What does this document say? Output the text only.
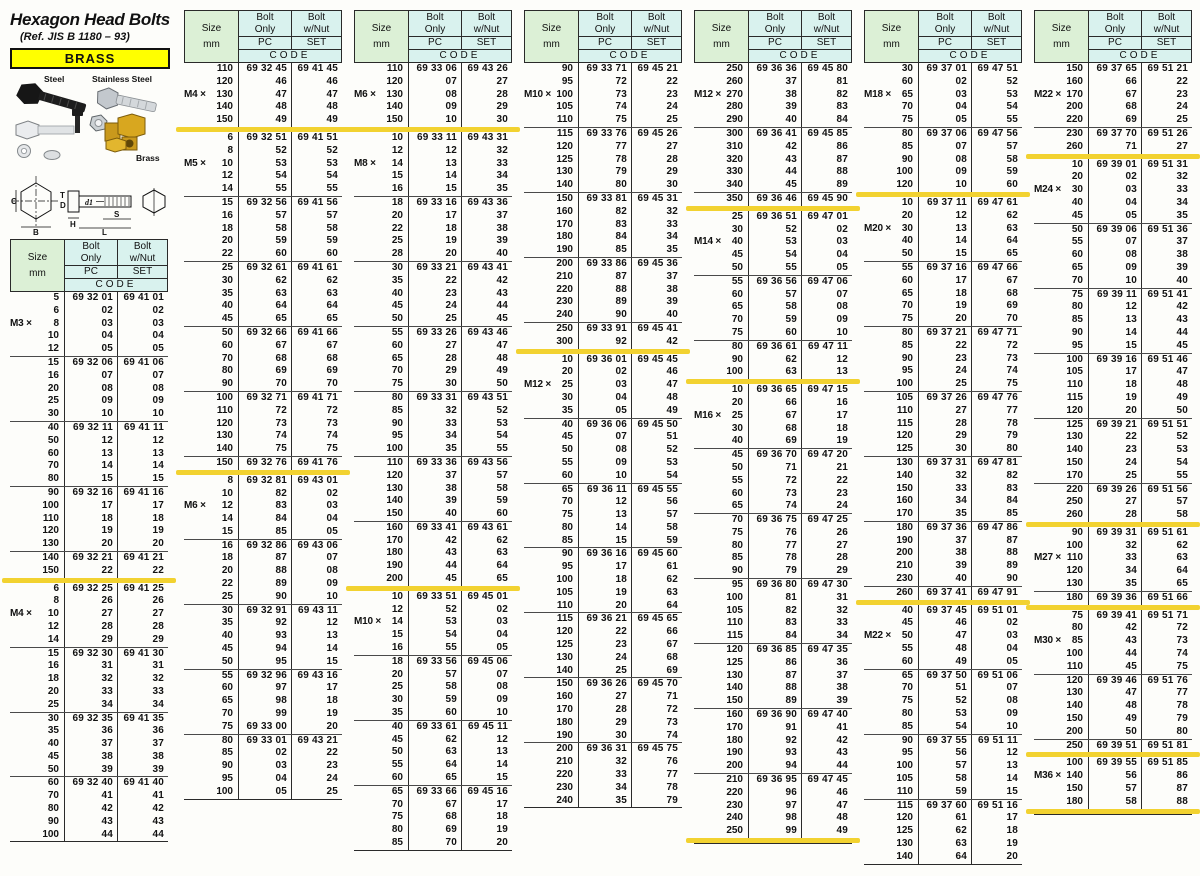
Hexagon Head Bolts
(Ref. JIS B 1180 – 93)
BRASS
Steel	Stainless Steel
Brass
C
B
T
D d1
H
S
L
Size
mm
Bolt
Only
Bolt
w/Nut
PC	SET
CODE
5	69 32 01	69 41 01
6	02	02
M3 × 8	03	03
10	04	04
12	05	05
15	69 32 06	69 41 06
16	07	07
20	08	08
25	09	09
30	10	10
40	69 32 11	69 41 11
50	12	12
60	13	13
70	14	14
80	15	15
90	69 32 16	69 41 16
100	17	17
110	18	18
120	19	19
130	20	20
140	69 32 21	69 41 21
150	22	22
6	69 32 25	69 41 25
8	26	26
M4 × 10	27	27
12	28	28
14	29	29
15	69 32 30	69 41 30
16	31	31
18	32	32
20	33	33
25	34	34
30	69 32 35	69 41 35
35	36	36
40	37	37
45	38	38
50	39	39
60	69 32 40	69 41 40
70	41	41
80	42	42
90	43	43
100	44	44
Size
mm
Bolt
Only
Bolt
w/Nut
PC	SET
CODE
110	69 32 45	69 41 45
120	46	46
M4 × 130	47	47
140	48	48
150	49	49
6	69 32 51	69 41 51
8	52	52
M5 × 10	53	53
12	54	54
14	55	55
15	69 32 56	69 41 56
16	57	57
18	58	58
20	59	59
22	60	60
25	69 32 61	69 41 61
30	62	62
35	63	63
40	64	64
45	65	65
50	69 32 66	69 41 66
60	67	67
70	68	68
80	69	69
90	70	70
100	69 32 71	69 41 71
110	72	72
120	73	73
130	74	74
140	75	75
150	69 32 76	69 41 76
8	69 32 81	69 43 01
10	82	02
M6 × 12	83	03
14	84	04
15	85	05
16	69 32 86	69 43 06
18	87	07
20	88	08
22	89	09
25	90	10
30	69 32 91	69 43 11
35	92	12
40	93	13
45	94	14
50	95	15
55	69 32 96	69 43 16
60	97	17
65	98	18
70	99	19
75	69 33 00	20
80	69 33 01	69 43 21
85	02	22
90	03	23
95	04	24
100	05	25
Size
mm
Bolt
Only
Bolt
w/Nut
PC	SET
CODE
110	69 33 06	69 43 26
120	07	27
M6 × 130	08	28
140	09	29
150	10	30
10	69 33 11	69 43 31
12	12	32
M8 × 14	13	33
15	14	34
16	15	35
18	69 33 16	69 43 36
20	17	37
22	18	38
25	19	39
28	20	40
30	69 33 21	69 43 41
35	22	42
40	23	43
45	24	44
50	25	45
55	69 33 26	69 43 46
60	27	47
65	28	48
70	29	49
75	30	50
80	69 33 31	69 43 51
85	32	52
90	33	53
95	34	54
100	35	55
110	69 33 36	69 43 56
120	37	57
130	38	58
140	39	59
150	40	60
160	69 33 41	69 43 61
170	42	62
180	43	63
190	44	64
200	45	65
10	69 33 51	69 45 01
12	52	02
M10 × 14	53	03
15	54	04
16	55	05
18	69 33 56	69 45 06
20	57	07
25	58	08
30	59	09
35	60	10
40	69 33 61	69 45 11
45	62	12
50	63	13
55	64	14
60	65	15
65	69 33 66	69 45 16
70	67	17
75	68	18
80	69	19
85	70	20
Size
mm
Bolt
Only
Bolt
w/Nut
PC	SET
CODE
90	69 33 71	69 45 21
95	72	22
M10 × 100	73	23
105	74	24
110	75	25
115	69 33 76	69 45 26
120	77	27
125	78	28
130	79	29
140	80	30
150	69 33 81	69 45 31
160	82	32
170	83	33
180	84	34
190	85	35
200	69 33 86	69 45 36
210	87	37
220	88	38
230	89	39
240	90	40
250	69 33 91	69 45 41
300	92	42
10	69 36 01	69 45 45
20	02	46
M12 × 25	03	47
30	04	48
35	05	49
40	69 36 06	69 45 50
45	07	51
50	08	52
55	09	53
60	10	54
65	69 36 11	69 45 55
70	12	56
75	13	57
80	14	58
85	15	59
90	69 36 16	69 45 60
95	17	61
100	18	62
105	19	63
110	20	64
115	69 36 21	69 45 65
120	22	66
125	23	67
130	24	68
140	25	69
150	69 36 26	69 45 70
160	27	71
170	28	72
180	29	73
190	30	74
200	69 36 31	69 45 75
210	32	76
220	33	77
230	34	78
240	35	79
Size
mm
Bolt
Only
Bolt
w/Nut
PC	SET
CODE
250	69 36 36	69 45 80
260	37	81
M12 × 270	38	82
280	39	83
290	40	84
300	69 36 41	69 45 85
310	42	86
320	43	87
330	44	88
340	45	89
350	69 36 46	69 45 90
25	69 36 51	69 47 01
30	52	02
M14 × 40	53	03
45	54	04
50	55	05
55	69 36 56	69 47 06
60	57	07
65	58	08
70	59	09
75	60	10
80	69 36 61	69 47 11
90	62	12
100	63	13
10	69 36 65	69 47 15
20	66	16
M16 × 25	67	17
30	68	18
40	69	19
45	69 36 70	69 47 20
50	71	21
55	72	22
60	73	23
65	74	24
70	69 36 75	69 47 25
75	76	26
80	77	27
85	78	28
90	79	29
95	69 36 80	69 47 30
100	81	31
105	82	32
110	83	33
115	84	34
120	69 36 85	69 47 35
125	86	36
130	87	37
140	88	38
150	89	39
160	69 36 90	69 47 40
170	91	41
180	92	42
190	93	43
200	94	44
210	69 36 95	69 47 45
220	96	46
230	97	47
240	98	48
250	99	49
Size
mm
Bolt
Only
Bolt
w/Nut
PC	SET
CODE
30	69 37 01	69 47 51
60	02	52
M18 × 65	03	53
70	04	54
75	05	55
80	69 37 06	69 47 56
85	07	57
90	08	58
100	09	59
120	10	60
10	69 37 11	69 47 61
20	12	62
M20 × 30	13	63
40	14	64
50	15	65
55	69 37 16	69 47 66
60	17	67
65	18	68
70	19	69
75	20	70
80	69 37 21	69 47 71
85	22	72
90	23	73
95	24	74
100	25	75
105	69 37 26	69 47 76
110	27	77
115	28	78
120	29	79
125	30	80
130	69 37 31	69 47 81
140	32	82
150	33	83
160	34	84
170	35	85
180	69 37 36	69 47 86
190	37	87
200	38	88
210	39	89
230	40	90
260	69 37 41	69 47 91
40	69 37 45	69 51 01
45	46	02
M22 × 50	47	03
55	48	04
60	49	05
65	69 37 50	69 51 06
70	51	07
75	52	08
80	53	09
85	54	10
90	69 37 55	69 51 11
95	56	12
100	57	13
105	58	14
110	59	15
115	69 37 60	69 51 16
120	61	17
125	62	18
130	63	19
140	64	20
Size
mm
Bolt
Only
Bolt
w/Nut
PC	SET
CODE
150	69 37 65	69 51 21
160	66	22
M22 × 170	67	23
200	68	24
220	69	25
230	69 37 70	69 51 26
260	71	27
10	69 39 01	69 51 31
20	02	32
M24 × 30	03	33
40	04	34
45	05	35
50	69 39 06	69 51 36
55	07	37
60	08	38
65	09	39
70	10	40
75	69 39 11	69 51 41
80	12	42
85	13	43
90	14	44
95	15	45
100	69 39 16	69 51 46
105	17	47
110	18	48
115	19	49
120	20	50
125	69 39 21	69 51 51
130	22	52
140	23	53
150	24	54
170	25	55
220	69 39 26	69 51 56
250	27	57
260	28	58
90	69 39 31	69 51 61
100	32	62
M27 × 110	33	63
120	34	64
130	35	65
180	69 39 36	69 51 66
75	69 39 41	69 51 71
80	42	72
M30 × 85	43	73
100	44	74
110	45	75
120	69 39 46	69 51 76
130	47	77
140	48	78
150	49	79
200	50	80
250	69 39 51	69 51 81
100	69 39 55	69 51 85
M36 × 140	56	86
150	57	87
180	58	88
